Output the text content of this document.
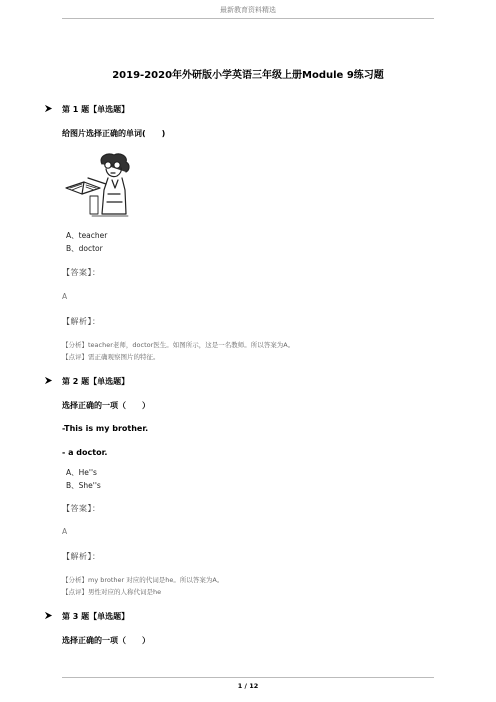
最新教育资料精选
2019-2020年外研版小学英语三年级上册Module 9练习题
第 1 题【单选题】
给图片选择正确的单词(　　)
A、teacher
B、doctor
【答案】：
A
【解析】：
【分析】teacher老师，doctor医生。如图所示，这是一名教师。所以答案为A。
【点评】需正确观察图片的特征。
第 2 题【单选题】
选择正确的一项（　　）
-This is my brother.
- a doctor.
A、He''s
B、She''s
【答案】：
A
【解析】：
【分析】my brother 对应的代词是he。所以答案为A。
【点评】男性对应的人称代词是he
第 3 题【单选题】
选择正确的一项（　　）
1 / 12
